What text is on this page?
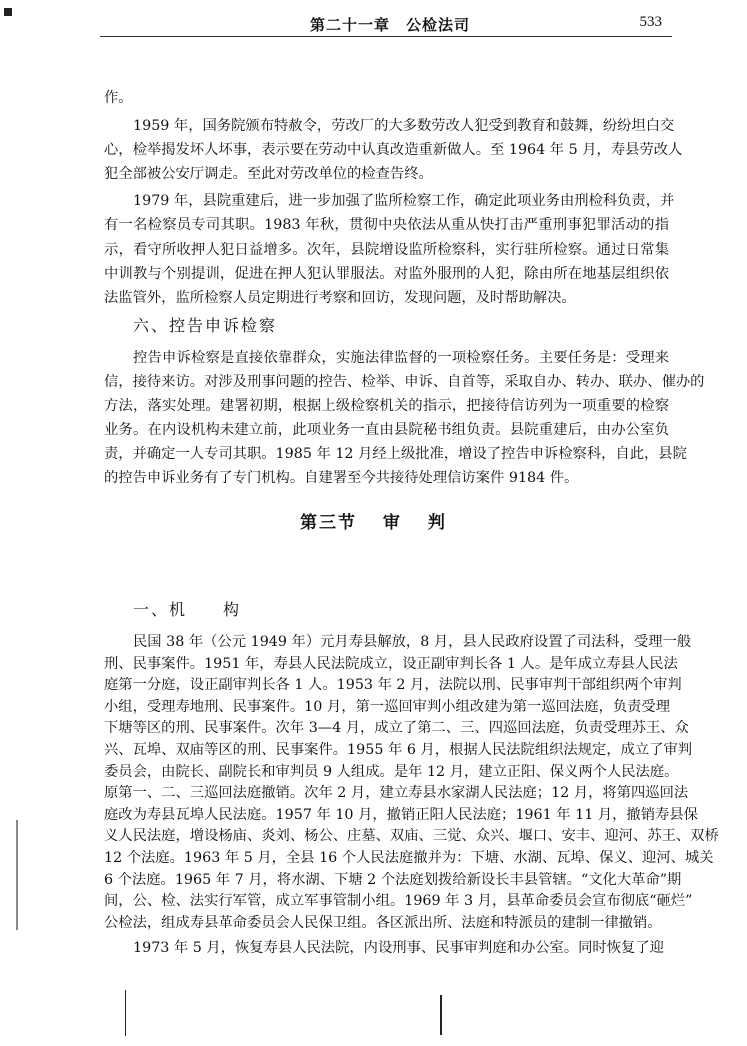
第二十一章　公检法司	533
作。
1959 年，国务院颁布特赦令，劳改厂的大多数劳改人犯受到教育和鼓舞，纷纷坦白交
心，检举揭发坏人坏事，表示要在劳动中认真改造重新做人。至 1964 年 5 月，寿县劳改人
犯全部被公安厅调走。至此对劳改单位的检查告终。
1979 年，县院重建后，进一步加强了监所检察工作，确定此项业务由刑检科负责，并
有一名检察员专司其职。1983 年秋，贯彻中央依法从重从快打击严重刑事犯罪活动的指
示，看守所收押人犯日益增多。次年，县院增设监所检察科，实行驻所检察。通过日常集
中训教与个别提训，促进在押人犯认罪服法。对监外服刑的人犯，除由所在地基层组织依
法监管外，监所检察人员定期进行考察和回访，发现问题，及时帮助解决。
六、控告申诉检察
控告申诉检察是直接依靠群众，实施法律监督的一项检察任务。主要任务是：受理来
信，接待来访。对涉及刑事问题的控告、检举、申诉、自首等，采取自办、转办、联办、催办的
方法，落实处理。建署初期，根据上级检察机关的指示，把接待信访列为一项重要的检察
业务。在内设机构未建立前，此项业务一直由县院秘书组负责。县院重建后，由办公室负
责，并确定一人专司其职。1985 年 12 月经上级批准，增设了控告申诉检察科，自此，县院
的控告申诉业务有了专门机构。自建署至今共接待处理信访案件 9184 件。
第三节 审 判
一、机　　构
民国 38 年（公元 1949 年）元月寿县解放，8 月，县人民政府设置了司法科，受理一般
刑、民事案件。1951 年，寿县人民法院成立，设正副审判长各 1 人。是年成立寿县人民法
庭第一分庭，设正副审判长各 1 人。1953 年 2 月，法院以刑、民事审判干部组织两个审判
小组，受理寿地刑、民事案件。10 月，第一巡回审判小组改建为第一巡回法庭，负责受理
下塘等区的刑、民事案件。次年 3—4 月，成立了第二、三、四巡回法庭，负责受理苏王、众
兴、瓦埠、双庙等区的刑、民事案件。1955 年 6 月，根据人民法院组织法规定，成立了审判
委员会，由院长、副院长和审判员 9 人组成。是年 12 月，建立正阳、保义两个人民法庭。
原第一、二、三巡回法庭撤销。次年 2 月，建立寿县水家湖人民法庭；12 月，将第四巡回法
庭改为寿县瓦埠人民法庭。1957 年 10 月，撤销正阳人民法庭；1961 年 11 月，撤销寿县保
义人民法庭，增设杨庙、炎刘、杨公、庄墓、双庙、三觉、众兴、堰口、安丰、迎河、苏王、双桥
12 个法庭。1963 年 5 月，全县 16 个人民法庭撤并为：下塘、水湖、瓦埠、保义、迎河、城关
6 个法庭。1965 年 7 月，将水湖、下塘 2 个法庭划拨给新设长丰县管辖。“文化大革命”期
间，公、检、法实行军管，成立军事管制小组。1969 年 3 月，县革命委员会宣布彻底“砸烂”
公检法，组成寿县革命委员会人民保卫组。各区派出所、法庭和特派员的建制一律撤销。
1973 年 5 月，恢复寿县人民法院，内设刑事、民事审判庭和办公室。同时恢复了迎
